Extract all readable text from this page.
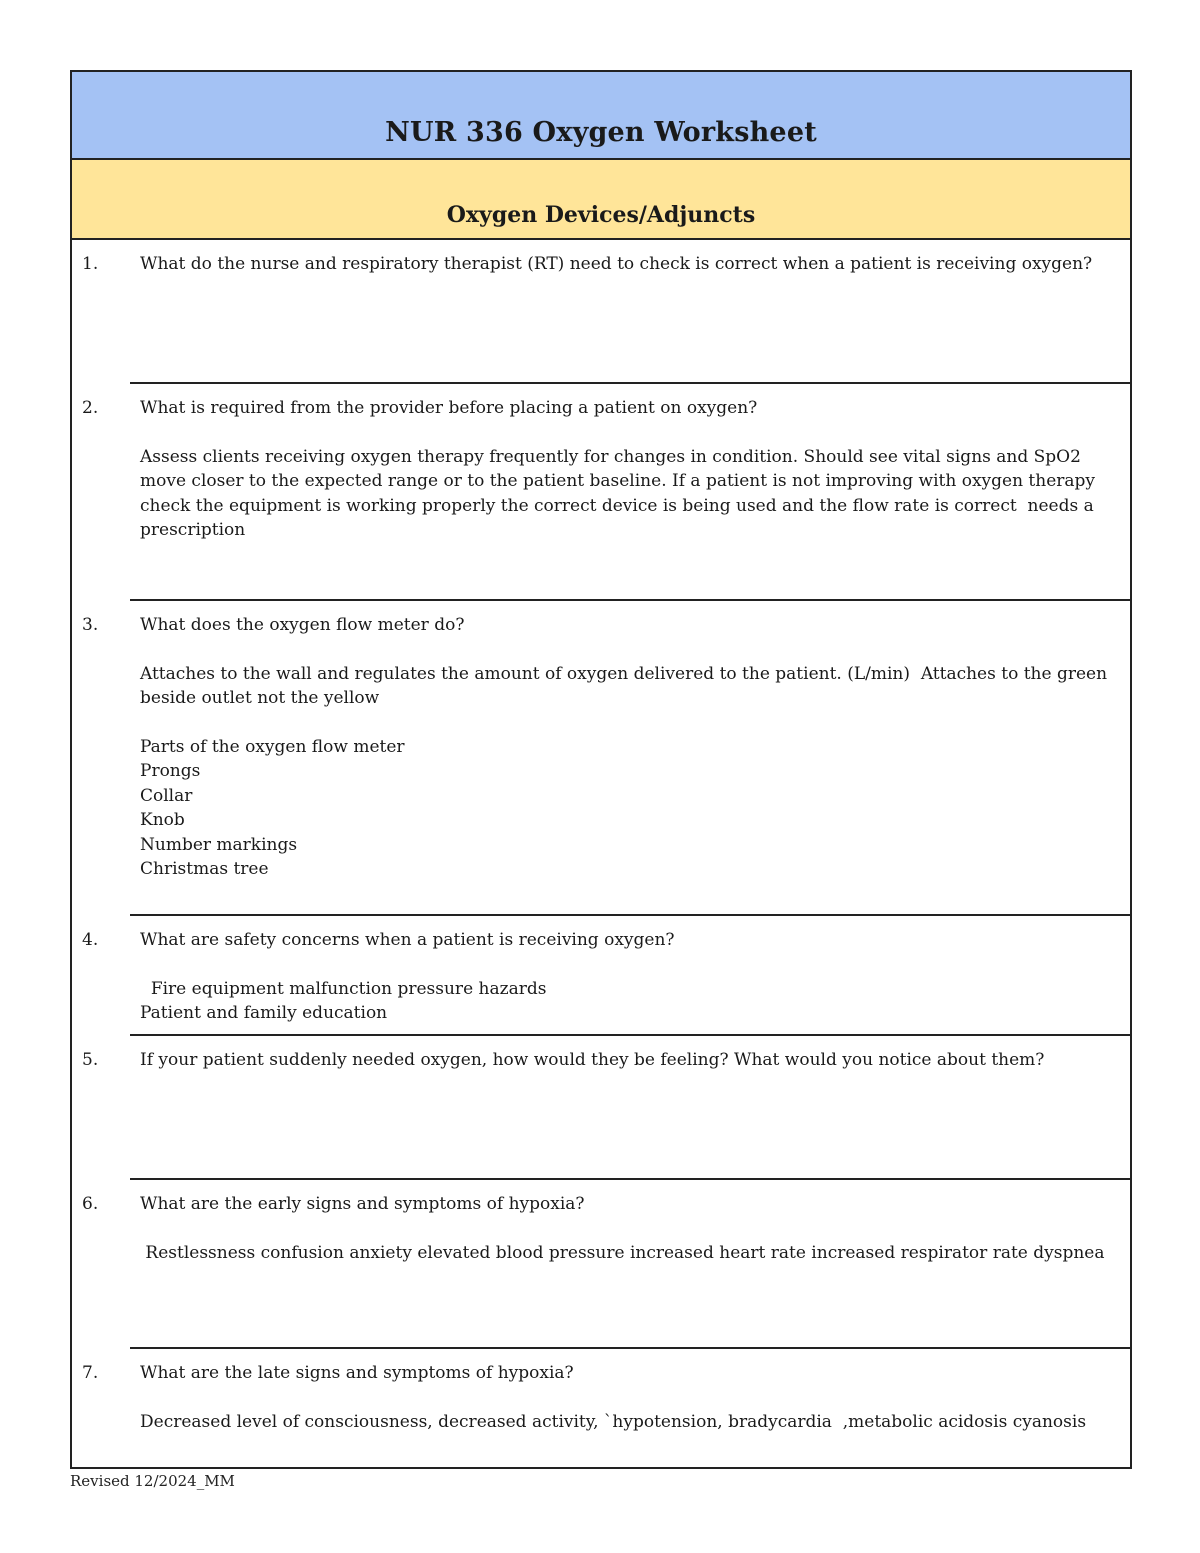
NUR 336 Oxygen Worksheet
Oxygen Devices/Adjuncts
1.	What do the nurse and respiratory therapist (RT) need to check is correct when a patient is receiving oxygen?

2.	What is required from the provider before placing a patient on oxygen?

Assess clients receiving oxygen therapy frequently for changes in condition. Should see vital signs and SpO2 move closer to the expected range or to the patient baseline. If a patient is not improving with oxygen therapy check the equipment is working properly the correct device is being used and the flow rate is correct  needs a prescription

3.	What does the oxygen flow meter do?

Attaches to the wall and regulates the amount of oxygen delivered to the patient. (L/min)  Attaches to the green beside outlet not the yellow

Parts of the oxygen flow meter

Prongs

Collar

Knob

Number markings

Christmas tree

4.	What are safety concerns when a patient is receiving oxygen?

Fire equipment malfunction pressure hazards
Patient and family education

5.	If your patient suddenly needed oxygen, how would they be feeling? What would you notice about them?

6.	What are the early signs and symptoms of hypoxia?

Restlessness confusion anxiety elevated blood pressure increased heart rate increased respirator rate dyspnea

7.	What are the late signs and symptoms of hypoxia?

Decreased level of consciousness, decreased activity, `hypotension, bradycardia  ,metabolic acidosis cyanosis

Revised 12/2024_MM
